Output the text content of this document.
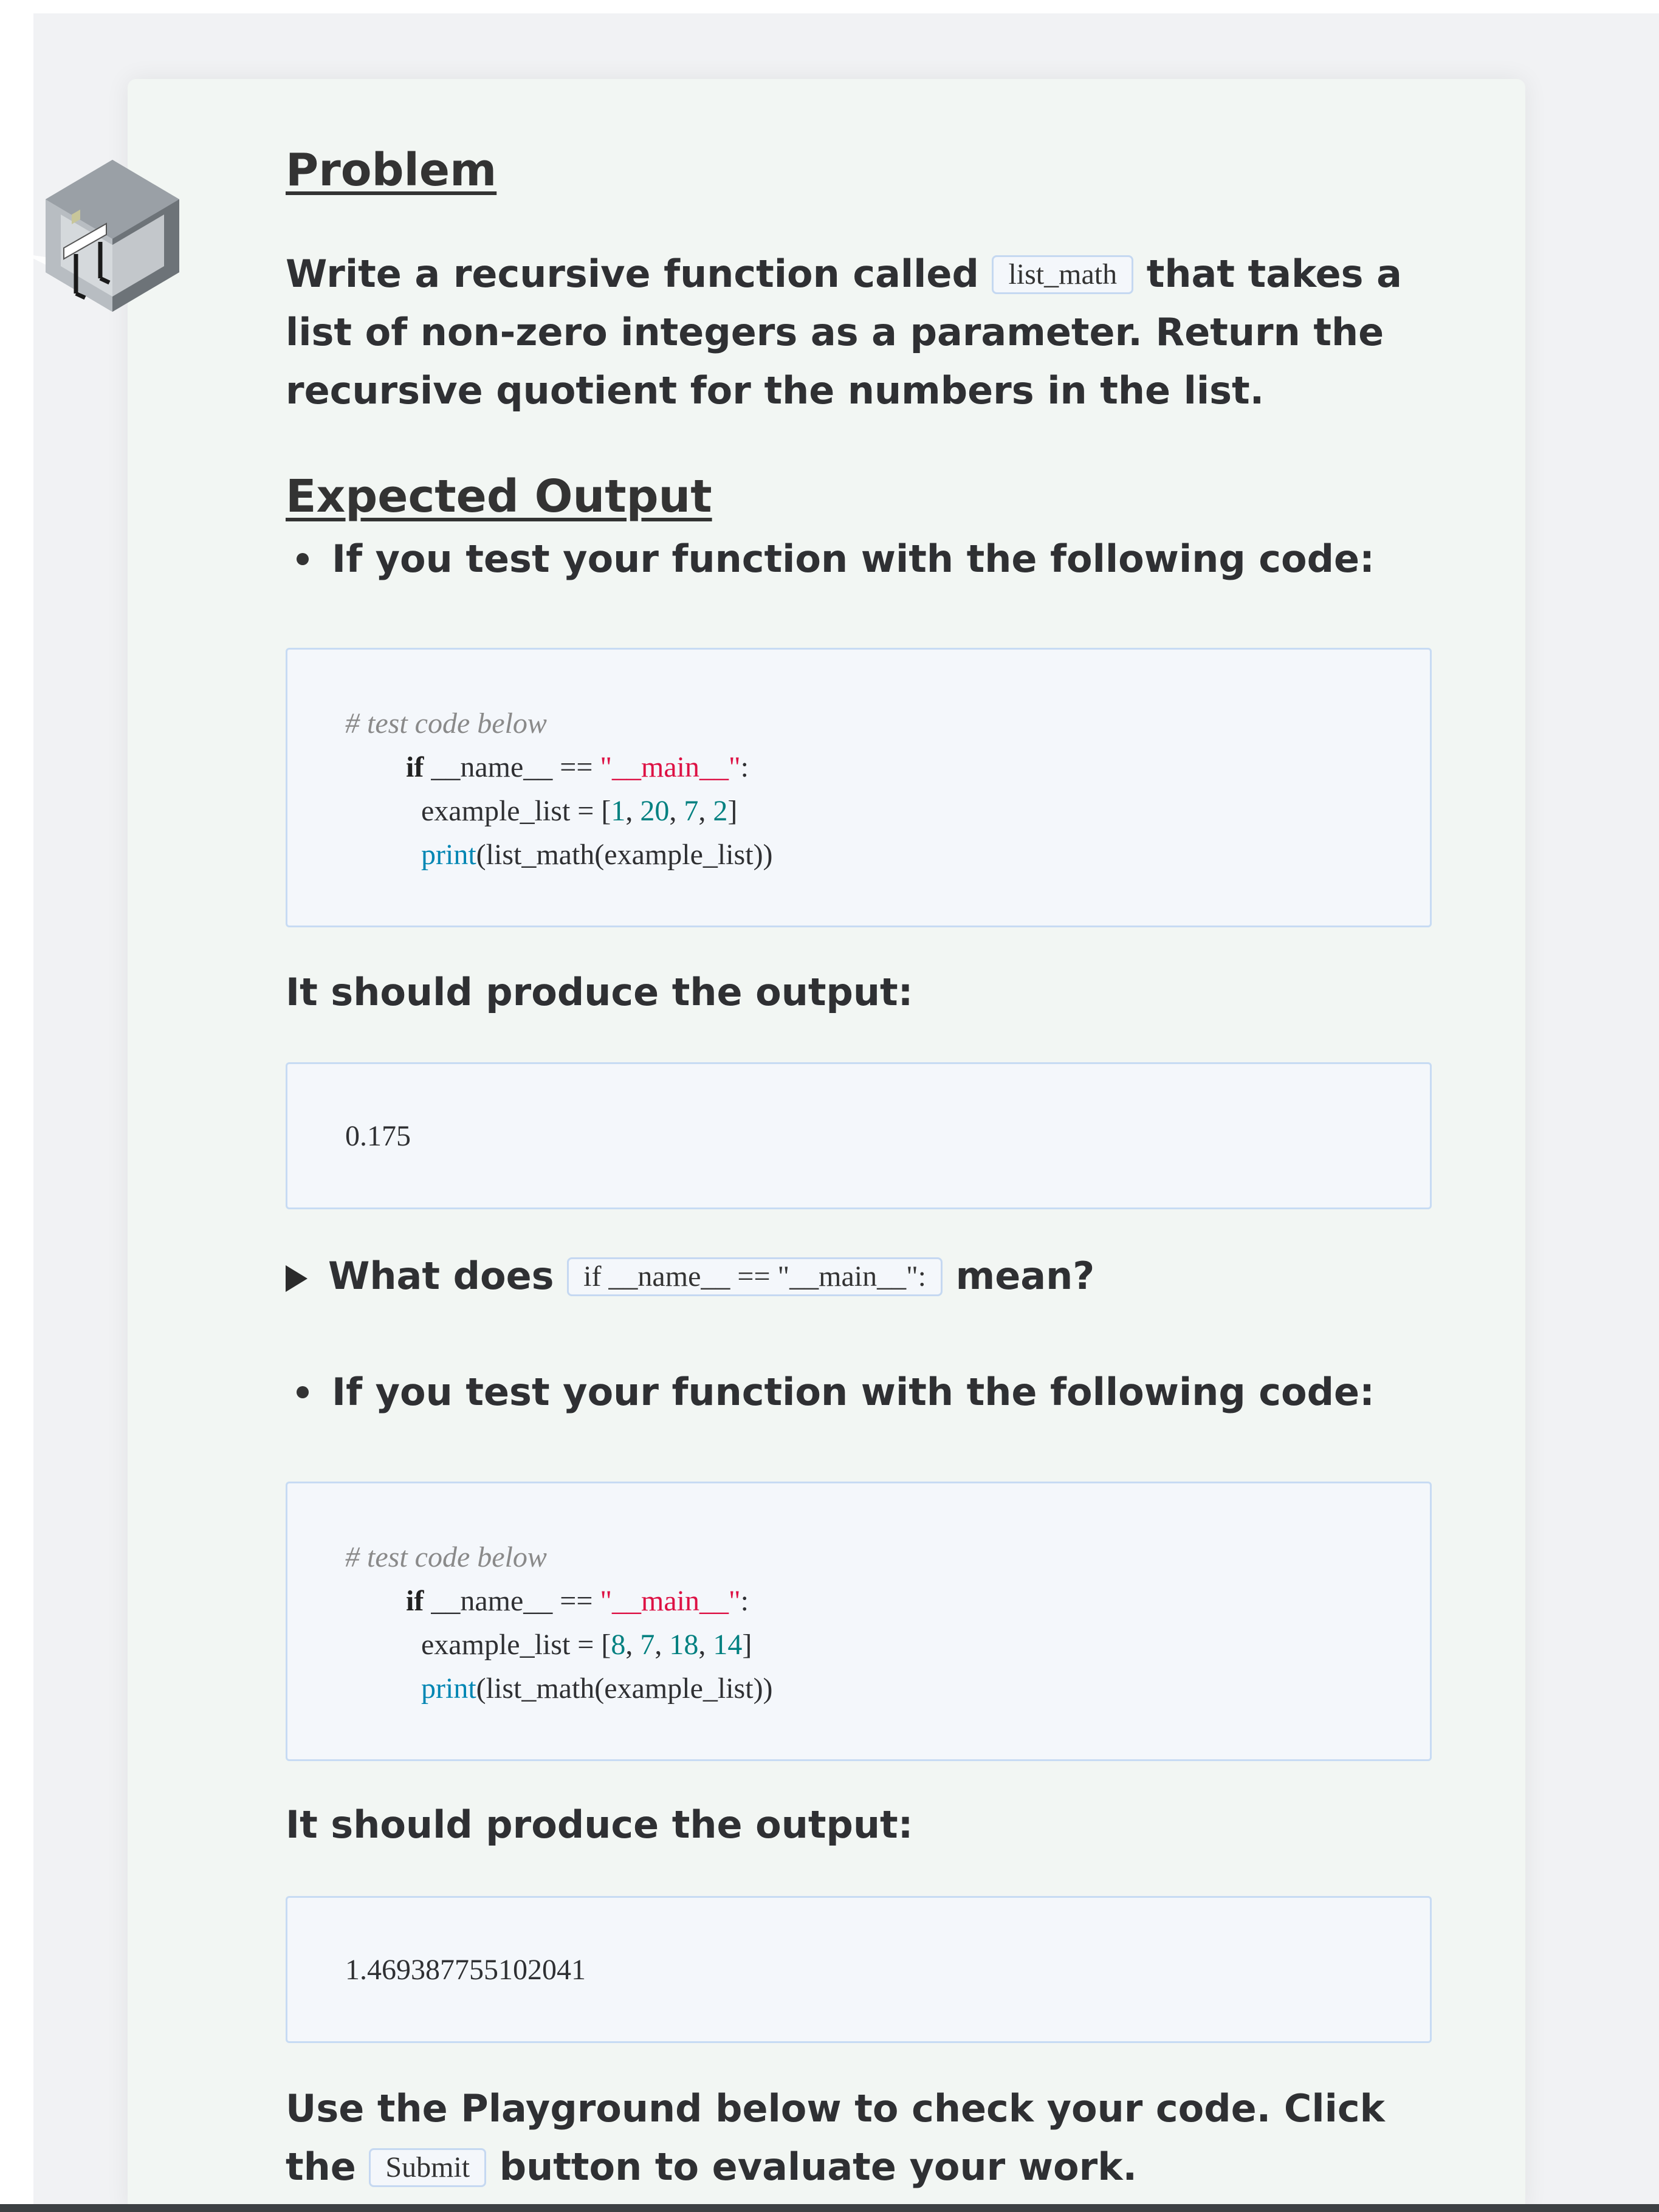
Problem
Write a recursive function called list_math that takes a list of non-zero integers as a parameter. Return the recursive quotient for the numbers in the list.
Expected Output
If you test your function with the following code:
# test code below
if __name__ == "__main__":
example_list = [1, 20, 7, 2]
print(list_math(example_list))
It should produce the output:
0.175
What does if __name__ == "__main__": mean?
If you test your function with the following code:
# test code below
if __name__ == "__main__":
example_list = [8, 7, 18, 14]
print(list_math(example_list))
It should produce the output:
1.469387755102041
Use the Playground below to check your code. Click the Submit button to evaluate your work.
